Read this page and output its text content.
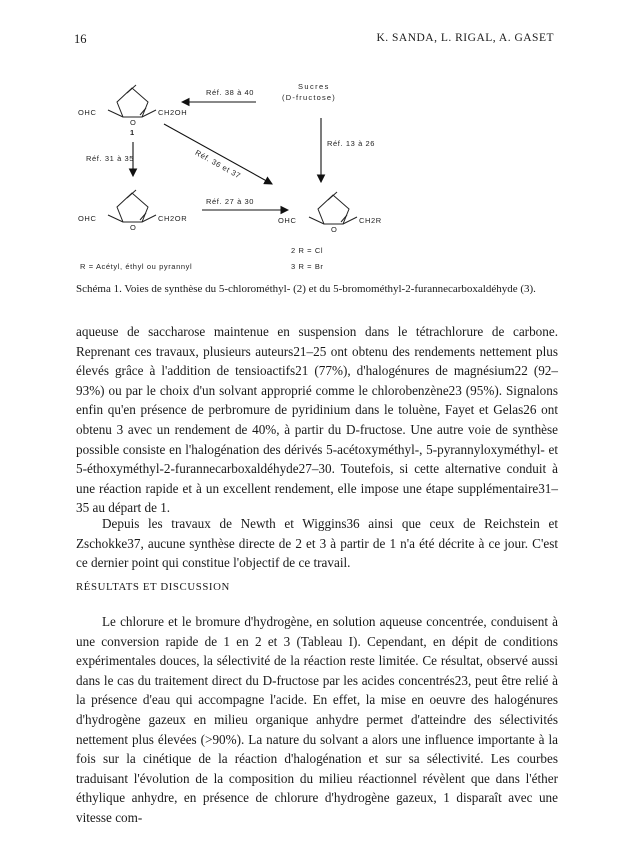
16	K. SANDA, L. RIGAL, A. GASET
Réf. 38 à 40
Sucres
(D-fructose)
OHC
O
CH2OH
1
Réf. 31 à 35	Réf. 36 et 37
Réf. 13 à 26
Réf. 27 à 30
OHC
O
CH2OR	OHC
O
CH2R
R = Acétyl, éthyl ou pyrannyl
2 R = Cl
3 R = Br
Schéma 1. Voies de synthèse du 5-chlorométhyl- (2) et du 5-bromométhyl-2-furannecarboxaldéhyde (3).
aqueuse de saccharose maintenue en suspension dans le tétrachlorure de carbone. Reprenant ces travaux, plusieurs auteurs21–25 ont obtenu des rendements nettement plus élevés grâce à l'addition de tensioactifs21 (77%), d'halogénures de magnésium22 (92–93%) ou par le choix d'un solvant approprié comme le chlorobenzène23 (95%). Signalons enfin qu'en présence de perbromure de pyridinium dans le toluène, Fayet et Gelas26 ont obtenu 3 avec un rendement de 40%, à partir du D-fructose. Une autre voie de synthèse possible consiste en l'halogénation des dérivés 5-acétoxyméthyl-, 5-pyrannyloxyméthyl- et 5-éthoxyméthyl-2-furannecarboxaldéhyde27–30. Toutefois, si cette alternative conduit à une réaction rapide et à un excellent rendement, elle impose une étape supplémentaire31–35 au départ de 1.
Depuis les travaux de Newth et Wiggins36 ainsi que ceux de Reichstein et Zschokke37, aucune synthèse directe de 2 et 3 à partir de 1 n'a été décrite à ce jour. C'est ce dernier point qui constitue l'objectif de ce travail.
RÉSULTATS ET DISCUSSION
Le chlorure et le bromure d'hydrogène, en solution aqueuse concentrée, conduisent à une conversion rapide de 1 en 2 et 3 (Tableau I). Cependant, en dépit de conditions expérimentales douces, la sélectivité de la réaction reste limitée. Ce résultat, observé aussi dans le cas du traitement direct du D-fructose par les acides concentrés23, peut être relié à la présence d'eau qui accompagne l'acide. En effet, la mise en oeuvre des halogénures d'hydrogène gazeux en milieu organique anhydre permet d'atteindre des sélectivités nettement plus élevées (>90%). La nature du solvant a alors une influence importante à la fois sur la cinétique de la réaction d'halogénation et sur sa sélectivité. Les courbes traduisant l'évolution de la composition du milieu réactionnel révèlent que dans l'éther éthylique anhydre, en présence de chlorure d'hydrogène gazeux, 1 disparaît avec une vitesse com-
